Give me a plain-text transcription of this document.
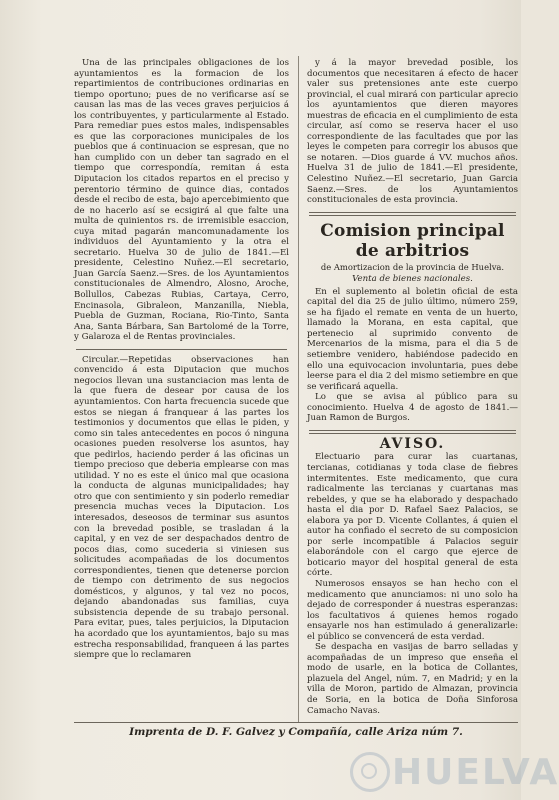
Una de las principales obligaciones de los ayuntamientos es la formacion de los repartimientos de contribuciones ordinarias en tiempo oportuno; pues de no verificarse así se causan las mas de las veces graves perjuicios á los contribuyentes, y particularmente al Estado. Para remediar pues estos males, indispensables es que las corporaciones municipales de los pueblos que á continuacion se espresan, que no han cumplido con un deber tan sagrado en el tiempo que correspondía, remitan á esta Diputacion los citados repartos en el preciso y perentorio término de quince dias, contados desde el recibo de esta, bajo apercebimiento que de no hacerlo así se ecsigirá al que falte una multa de quinientos rs. de irremisible esaccion, cuya mitad pagarán mancomunadamente los individuos del Ayuntamiento y la otra el secretario. Huelva 30 de julio de 1841.—El presidente, Celestino Nuñez.—El secretario, Juan García Saenz.—Sres. de los Ayuntamientos constitucionales de Almendro, Alosno, Aroche, Bollullos, Cabezas Rubias, Cartaya, Cerro, Encinasola, Gibraleon, Manzanilla, Niebla, Puebla de Guzman, Rociana, Rio-Tinto, Santa Ana, Santa Bárbara, San Bartolomé de la Torre, y Galaroza el de Rentas provinciales.

Circular.—Repetidas observaciones han convencido á esta Diputacion que muchos negocios llevan una sustanciacion mas lenta de la que fuera de desear por causa de los ayuntamientos. Con harta frecuencia sucede que estos se niegan á franquear á las partes los testimonios y documentos que ellas le piden, y como sin tales antecedentes en pocos ó ninguna ocasiones pueden resolverse los asuntos, hay que pedirlos, haciendo perder á las oficinas un tiempo precioso que deberia emplearse con mas utilidad. Y no es este el único mal que ocasiona la conducta de algunas municipalidades; hay otro que con sentimiento y sin poderlo remediar presencia muchas veces la Diputacion. Los interesados, deseosos de terminar sus asuntos con la brevedad posible, se trasladan á la capital, y en vez de ser despachados dentro de pocos dias, como sucederia si viniesen sus solicitudes acompañadas de los documentos correspondientes, tienen que detenerse porcion de tiempo con detrimento de sus negocios domésticos, y algunos, y tal vez no pocos, dejando abandonadas sus familias, cuya subsistencia depende de su trabajo personal. Para evitar, pues, tales perjuicios, la Diputacion ha acordado que los ayuntamientos, bajo su mas estrecha responsabilidad, franqueen á las partes siempre que lo reclamaren

y á la mayor brevedad posible, los documentos que necesitaren á efecto de hacer valer sus pretensiones ante este cuerpo provincial, el cual mirará con particular aprecio los ayuntamientos que dieren mayores muestras de eficacia en el cumplimiento de esta circular, así como se reserva hacer el uso correspondiente de las facultades que por las leyes le competen para corregir los abusos que se notaren. —Dios guarde á VV. muchos años. Huelva 31 de julio de 1841.—El presidente, Celestino Nuñez.—El secretario, Juan Garcia Saenz.—Sres. de los Ayuntamientos constitucionales de esta provincia.

Comision principal de arbitrios
de Amortizacion de la provincia de Huelva.
Venta de bienes nacionales.

En el suplemento al boletin oficial de esta capital del dia 25 de julio último, número 259, se ha fijado el remate en venta de un huerto, llamado la Morana, en esta capital, que pertenecio al suprimido convento de Mercenarios de la misma, para el dia 5 de setiembre venidero, habiéndose padecido en ello una equivocacion involuntaria, pues debe leerse para el dia 2 del mismo setiembre en que se verificará aquella.

Lo que se avisa al público para su conocimiento. Huelva 4 de agosto de 1841.—Juan Ramon de Burgos.

AVISO.

Electuario para curar las cuartanas, tercianas, cotidianas y toda clase de fiebres intermitentes. Este medicamento, que cura radicalmente las tercianas y cuartanas mas rebeldes, y que se ha elaborado y despachado hasta el dia por D. Rafael Saez Palacios, se elabora ya por D. Vicente Collantes, á quien el autor ha confiado el secreto de su composicion por serle incompatible á Palacios seguir elaborándole con el cargo que ejerce de boticario mayor del hospital general de esta córte.

Numerosos ensayos se han hecho con el medicamento que anunciamos: ni uno solo ha dejado de corresponder á nuestras esperanzas: los facultativos á quienes hemos rogado ensayarle nos han estimulado á generalizarle: el público se convencerá de esta verdad.

Se despacha en vasijas de barro selladas y acompañadas de un impreso que enseña el modo de usarle, en la botica de Collantes, plazuela del Angel, núm. 7, en Madrid; y en la villa de Moron, partido de Almazan, provincia de Soria, en la botica de Doña Sinforosa Camacho Navas.

Imprenta de D. F. Galvez y Compañía, calle Ariza núm 7.
HUELVA
